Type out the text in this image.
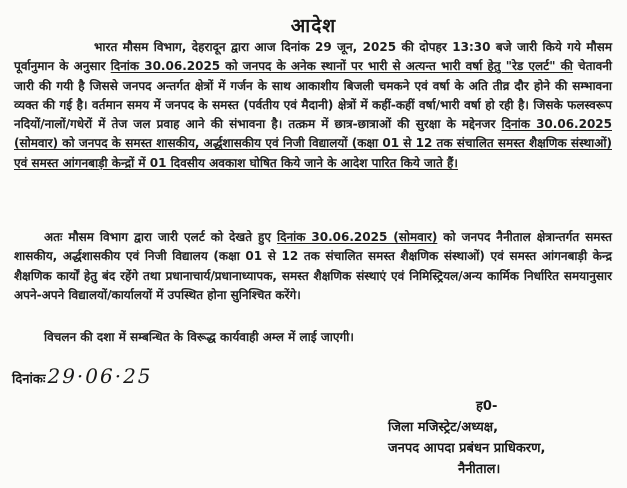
आदेश

भारत मौसम विभाग, देहरादून द्वारा आज दिनांक 29 जून, 2025 की दोपहर 13:30 बजे जारी किये गये मौसम पूर्वानुमान के अनुसार दिनांक 30.06.2025 को जनपद के अनेक स्थानों पर भारी से अत्यन्त भारी वर्षा हेतु "रेड एलर्ट" की चेतावनी जारी की गयी है जिससे जनपद अन्तर्गत क्षेत्रों में गर्जन के साथ आकाशीय बिजली चमकने एवं वर्षा के अति तीव्र दौर होने की सम्भावना व्यक्त की गई है। वर्तमान समय में जनपद के समस्त (पर्वतीय एवं मैदानी) क्षेत्रों में कहीं-कहीं वर्षा/भारी वर्षा हो रही है। जिसके फलस्वरूप नदियों/नालों/गधेरों में तेज जल प्रवाह आने की संभावना है। तत्क्रम में छात्र-छात्राओं की सुरक्षा के मद्देनजर दिनांक 30.06.2025 (सोमवार) को जनपद के समस्त शासकीय, अर्द्धशासकीय एवं निजी विद्यालयों (कक्षा 01 से 12 तक संचालित समस्त शैक्षणिक संस्थाओं) एवं समस्त आंगनबाड़ी केन्द्रों में 01 दिवसीय अवकाश घोषित किये जाने के आदेश पारित किये जाते हैं।

अतः मौसम विभाग द्वारा जारी एलर्ट को देखते हुए दिनांक 30.06.2025 (सोमवार) को जनपद नैनीताल क्षेत्रान्तर्गत समस्त शासकीय, अर्द्धशासकीय एवं निजी विद्यालय (कक्षा 01 से 12 तक संचालित समस्त शैक्षणिक संस्थाओं) एवं समस्त आंगनबाड़ी केन्द्र शैक्षणिक कार्यों हेतु बंद रहेंगे तथा प्रधानाचार्य/प्रधानाध्यापक, समस्त शैक्षणिक संस्थाएं एवं निमिस्ट्रियल/अन्य कार्मिक निर्धारित समयानुसार अपने-अपने विद्यालयों/कार्यालयों में उपस्थित होना सुनिश्चित करेंगे।

विचलन की दशा में सम्बन्धित के विरूद्ध कार्यवाही अम्ल में लाई जाएगी।

दिनांकः 29·06·25
ह0-
जिला मजिस्ट्रेट/अध्यक्ष,
जनपद आपदा प्रबंधन प्राधिकरण,
नैनीताल।
